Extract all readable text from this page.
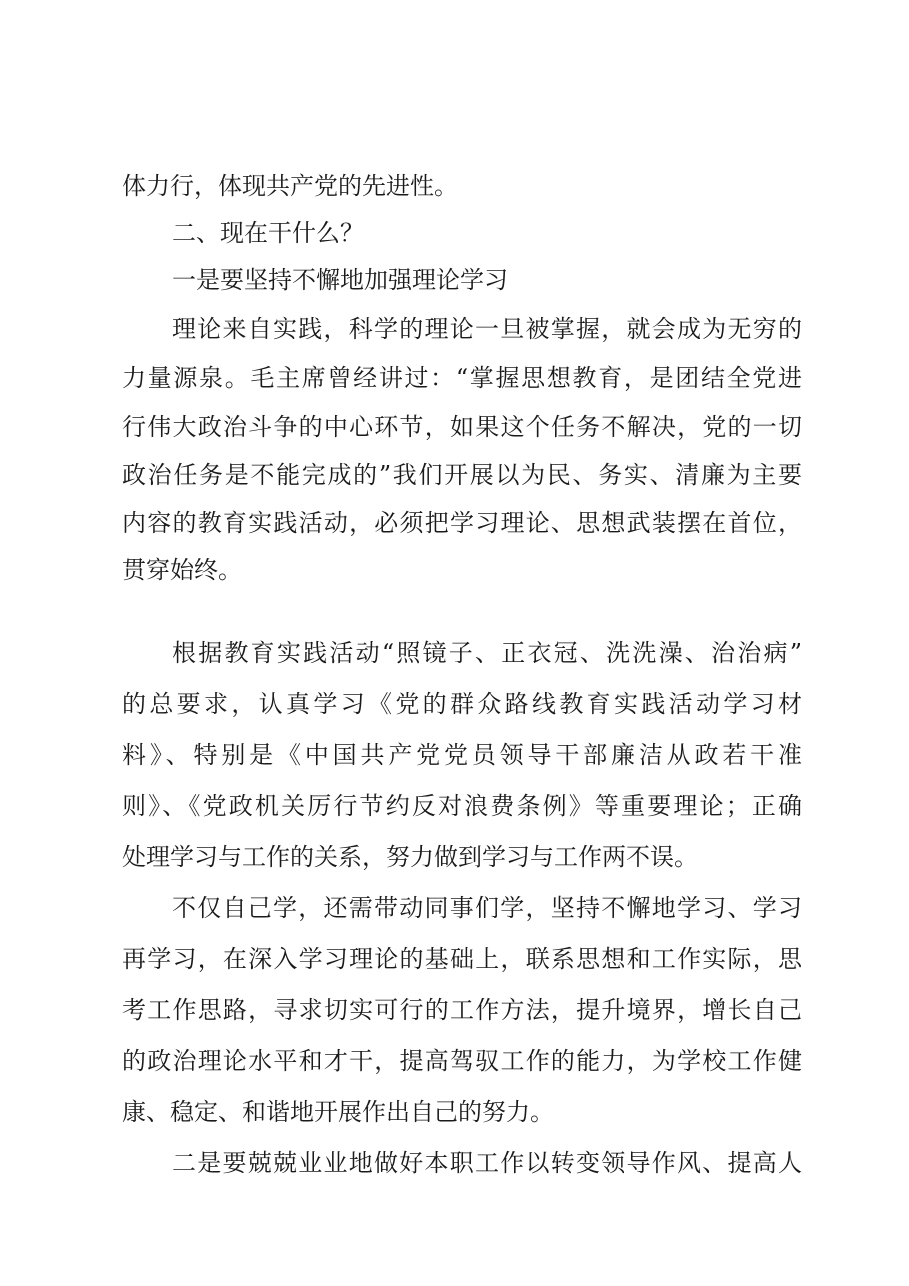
体力行，体现共产党的先进性。
二、现在干什么？
一是要坚持不懈地加强理论学习
理论来自实践，科学的理论一旦被掌握，就会成为无穷的
力量源泉。毛主席曾经讲过：“掌握思想教育，是团结全党进
行伟大政治斗争的中心环节，如果这个任务不解决，党的一切
政治任务是不能完成的”我们开展以为民、务实、清廉为主要
内容的教育实践活动，必须把学习理论、思想武装摆在首位，
贯穿始终。
根据教育实践活动“照镜子、正衣冠、洗洗澡、治治病”
的总要求，认真学习《党的群众路线教育实践活动学习材
料》、特别是《中国共产党党员领导干部廉洁从政若干准
则》、《党政机关厉行节约反对浪费条例》等重要理论；正确
处理学习与工作的关系，努力做到学习与工作两不误。
不仅自己学，还需带动同事们学，坚持不懈地学习、学习
再学习，在深入学习理论的基础上，联系思想和工作实际，思
考工作思路，寻求切实可行的工作方法，提升境界，增长自己
的政治理论水平和才干，提高驾驭工作的能力，为学校工作健
康、稳定、和谐地开展作出自己的努力。
二是要兢兢业业地做好本职工作以转变领导作风、提高人
